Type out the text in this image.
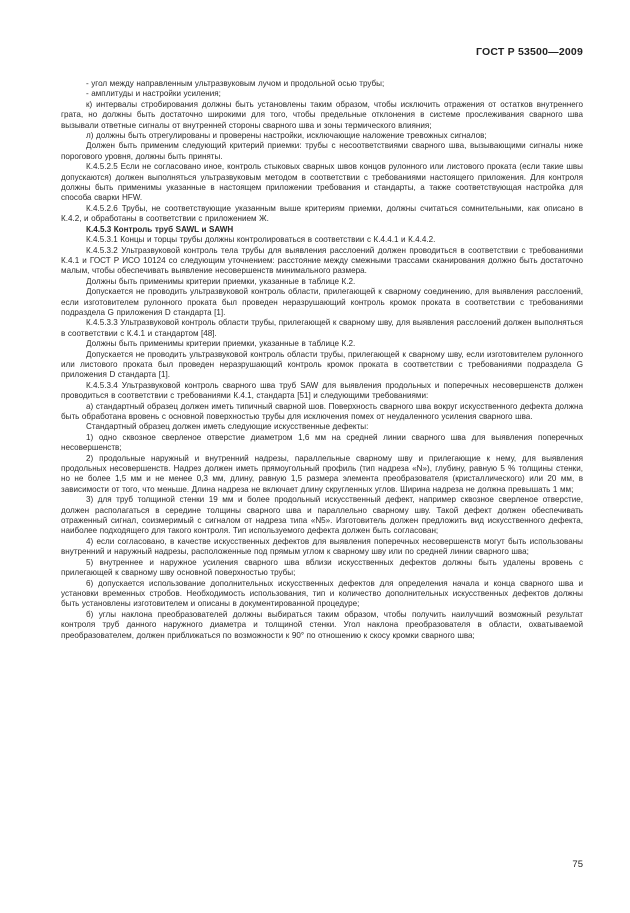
ГОСТ Р 53500—2009

- угол между направленным ультразвуковым лучом и продольной осью трубы;

- амплитуды и настройки усиления;

к) интервалы стробирования должны быть установлены таким образом, чтобы исключить отражения от остатков внутреннего грата, но должны быть достаточно широкими для того, чтобы предельные отклонения в системе прослеживания сварного шва вызывали ответные сигналы от внутренней стороны сварного шва и зоны термического влияния;

л) должны быть отрегулированы и проверены настройки, исключающие наложение тревожных сигналов;

Должен быть применим следующий критерий приемки: трубы с несоответствиями сварного шва, вызывающими сигналы ниже порогового уровня, должны быть приняты.

К.4.5.2.5 Если не согласовано иное, контроль стыковых сварных швов концов рулонного или листового проката (если такие швы допускаются) должен выполняться ультразвуковым методом в соответствии с требованиями настоящего приложения. Для контроля должны быть применимы указанные в настоящем приложении требования и стандарты, а также соответствующая настройка для способа сварки HFW.

К.4.5.2.6 Трубы, не соответствующие указанным выше критериям приемки, должны считаться сомнительными, как описано в К.4.2, и обработаны в соответствии с приложением Ж.

К.4.5.3 Контроль труб SAWL и SAWH

К.4.5.3.1 Концы и торцы трубы должны контролироваться в соответствии с К.4.4.1 и К.4.4.2.

К.4.5.3.2 Ультразвуковой контроль тела трубы для выявления расслоений должен проводиться в соответствии с требованиями К.4.1 и ГОСТ Р ИСО 10124 со следующим уточнением: расстояние между смежными трассами сканирования должно быть достаточно малым, чтобы обеспечивать выявление несовершенств минимального размера.

Должны быть применимы критерии приемки, указанные в таблице К.2.

Допускается не проводить ультразвуковой контроль области, прилегающей к сварному соединению, для выявления расслоений, если изготовителем рулонного проката был проведен неразрушающий контроль кромок проката в соответствии с требованиями подраздела G приложения D стандарта [1].

К.4.5.3.3 Ультразвуковой контроль области трубы, прилегающей к сварному шву, для выявления расслоений должен выполняться в соответствии с К.4.1 и стандартом [48].

Должны быть применимы критерии приемки, указанные в таблице К.2.

Допускается не проводить ультразвуковой контроль области трубы, прилегающей к сварному шву, если изготовителем рулонного или листового проката был проведен неразрушающий контроль кромок проката в соответствии с требованиями подраздела G приложения D стандарта [1].

К.4.5.3.4 Ультразвуковой контроль сварного шва труб SAW для выявления продольных и поперечных несовершенств должен проводиться в соответствии с требованиями К.4.1, стандарта [51] и следующими требованиями:

а) стандартный образец должен иметь типичный сварной шов. Поверхность сварного шва вокруг искусственного дефекта должна быть обработана вровень с основной поверхностью трубы для исключения помех от неудаленного усиления сварного шва.

Стандартный образец должен иметь следующие искусственные дефекты:

1) одно сквозное сверленое отверстие диаметром 1,6 мм на средней линии сварного шва для выявления поперечных несовершенств;

2) продольные наружный и внутренний надрезы, параллельные сварному шву и прилегающие к нему, для выявления продольных несовершенств. Надрез должен иметь прямоугольный профиль (тип надреза «N»), глубину, равную 5 % толщины стенки, но не более 1,5 мм и не менее 0,3 мм, длину, равную 1,5 размера элемента преобразователя (кристаллического) или 20 мм, в зависимости от того, что меньше. Длина надреза не включает длину скругленных углов. Ширина надреза не должна превышать 1 мм;

3) для труб толщиной стенки 19 мм и более продольный искусственный дефект, например сквозное сверленое отверстие, должен располагаться в середине толщины сварного шва и параллельно сварному шву. Такой дефект должен обеспечивать отраженный сигнал, соизмеримый с сигналом от надреза типа «N5». Изготовитель должен предложить вид искусственного дефекта, наиболее подходящего для такого контроля. Тип используемого дефекта должен быть согласован;

4) если согласовано, в качестве искусственных дефектов для выявления поперечных несовершенств могут быть использованы внутренний и наружный надрезы, расположенные под прямым углом к сварному шву или по средней линии сварного шва;

5) внутреннее и наружное усиления сварного шва вблизи искусственных дефектов должны быть удалены вровень с прилегающей к сварному шву основной поверхностью трубы;

6) допускается использование дополнительных искусственных дефектов для определения начала и конца сварного шва и установки временных стробов. Необходимость использования, тип и количество дополнительных искусственных дефектов должны быть установлены изготовителем и описаны в документированной процедуре;

б) углы наклона преобразователей должны выбираться таким образом, чтобы получить наилучший возможный результат контроля труб данного наружного диаметра и толщиной стенки. Угол наклона преобразователя в области, охватываемой преобразователем, должен приближаться по возможности к 90° по отношению к скосу кромки сварного шва;

75
